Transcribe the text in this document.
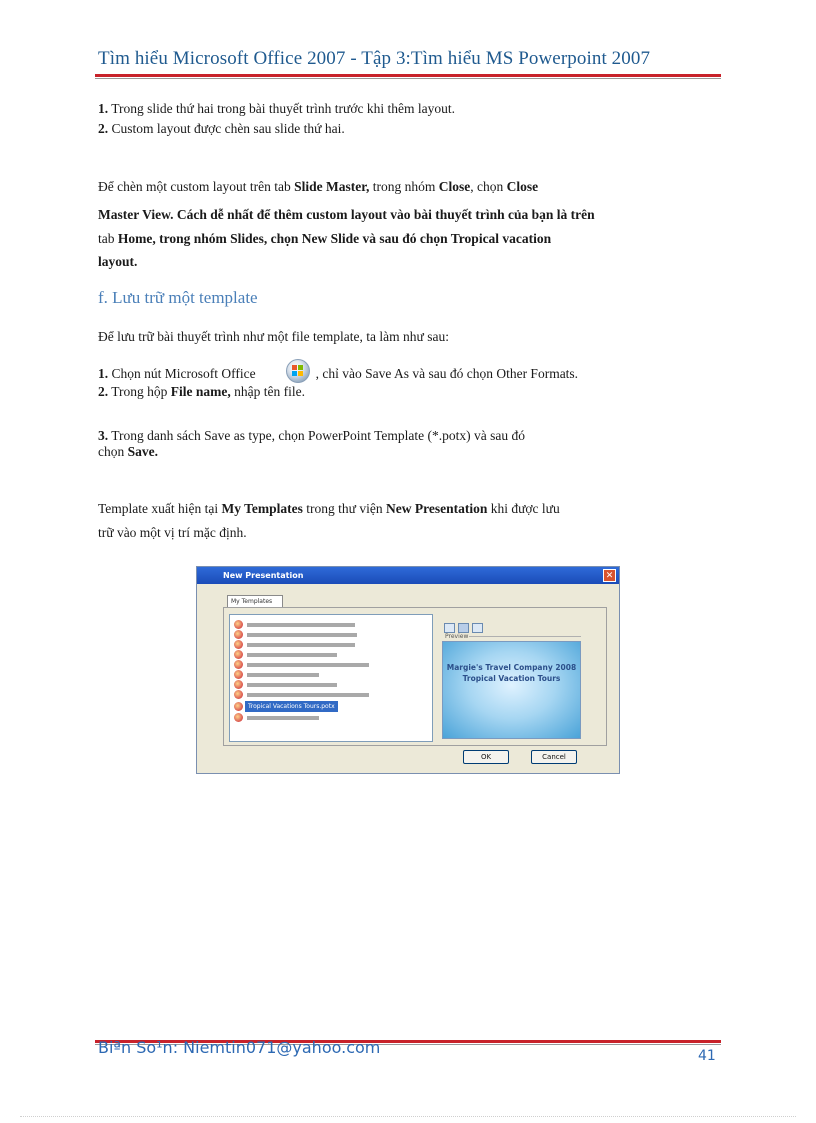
Tìm hiểu Microsoft Office 2007 - Tập 3:Tìm hiểu MS Powerpoint 2007
1. Trong slide thứ hai trong bài thuyết trình trước khi thêm layout.
2. Custom layout được chèn sau slide thứ hai.
Để chèn một custom layout trên tab Slide Master, trong nhóm Close, chọn Close
Master View. Cách dễ nhất để thêm custom layout vào bài thuyết trình của bạn là trên
tab Home, trong nhóm Slides, chọn New Slide và sau đó chọn Tropical vacation
layout.
f. Lưu trữ một template
Để lưu trữ bài thuyết trình như một file template, ta làm như sau:
1. Chọn nút Microsoft Office	, chỉ vào Save As và sau đó chọn Other Formats.
2. Trong hộp File name, nhập tên file.
3. Trong danh sách Save as type, chọn PowerPoint Template (*.potx) và sau đó
chọn Save.
Template xuất hiện tại My Templates trong thư viện New Presentation khi được lưu
trữ vào một vị trí mặc định.
New Presentation	✕
My Templates
Tropical Vacations Tours.potx
Preview
Margie's Travel Company 2008 Tropical Vacation Tours

OK	Cancel
Biªn So¹n: Niemtin071@yahoo.com	41
